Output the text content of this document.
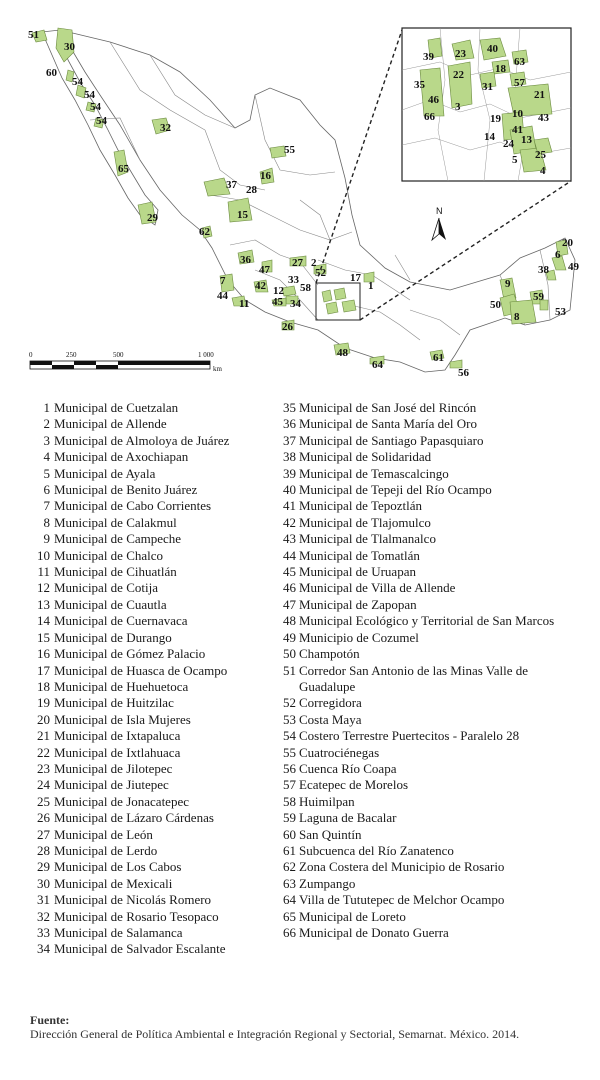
51
30
60
54
54
54
54
32
65
29
55
16
37 28
15
62
36
47
27 2
52 17
1
7	42 12
33
58
44
11 45 34
26
48
64
61
56
20
6
38 49
9
59
50
8	53
39 23 40
63
18
22
31 57
35
46
3
66
21
10 43
19
41
14
24 13
25
5
4
N
0	250	500	1 000
km
1 Municipal de Cuetzalan
2 Municipal de Allende
3 Municipal de Almoloya de Juárez
4 Municipal de Axochiapan
5 Municipal de Ayala
6 Municipal de Benito Juárez
7 Municipal de Cabo Corrientes
8 Municipal de Calakmul
9 Municipal de Campeche
10 Municipal de Chalco
11 Municipal de Cihuatlán
12 Municipal de Cotija
13 Municipal de Cuautla
14 Municipal de Cuernavaca
15 Municipal de Durango
16 Municipal de Gómez Palacio
17 Municipal de Huasca de Ocampo
18 Municipal de Huehuetoca
19 Municipal de Huitzilac
20 Municipal de Isla Mujeres
21 Municipal de Ixtapaluca
22 Municipal de Ixtlahuaca
23 Municipal de Jilotepec
24 Municipal de Jiutepec
25 Municipal de Jonacatepec
26 Municipal de Lázaro Cárdenas
27 Municipal de León
28 Municipal de Lerdo
29 Municipal de Los Cabos
30 Municipal de Mexicali
31 Municipal de Nicolás Romero
32 Municipal de Rosario Tesopaco
33 Municipal de Salamanca
34 Municipal de Salvador Escalante
35 Municipal de San José del Rincón
36 Municipal de Santa María del Oro
37 Municipal de Santiago Papasquiaro
38 Municipal de Solidaridad
39 Municipal de Temascalcingo
40 Municipal de Tepeji del Río Ocampo
41 Municipal de Tepoztlán
42 Municipal de Tlajomulco
43 Municipal de Tlalmanalco
44 Municipal de Tomatlán
45 Municipal de Uruapan
46 Municipal de Villa de Allende
47 Municipal de Zapopan
48 Municipal Ecológico y Territorial de San Marcos
49 Municipio de Cozumel
50 Champotón
51 Corredor San Antonio de las Minas Valle de Guadalupe
52 Corregidora
53 Costa Maya
54 Costero Terrestre Puertecitos - Paralelo 28
55 Cuatrociénegas
56 Cuenca Río Coapa
57 Ecatepec de Morelos
58 Huimilpan
59 Laguna de Bacalar
60 San Quintín
61 Subcuenca del Río Zanatenco
62 Zona Costera del Municipio de Rosario
63 Zumpango
64 Villa de Tututepec de Melchor Ocampo
65 Municipal de Loreto
66 Municipal de Donato Guerra
Fuente:
Dirección General de Política Ambiental e Integración Regional y Sectorial, Semarnat. México. 2014.
